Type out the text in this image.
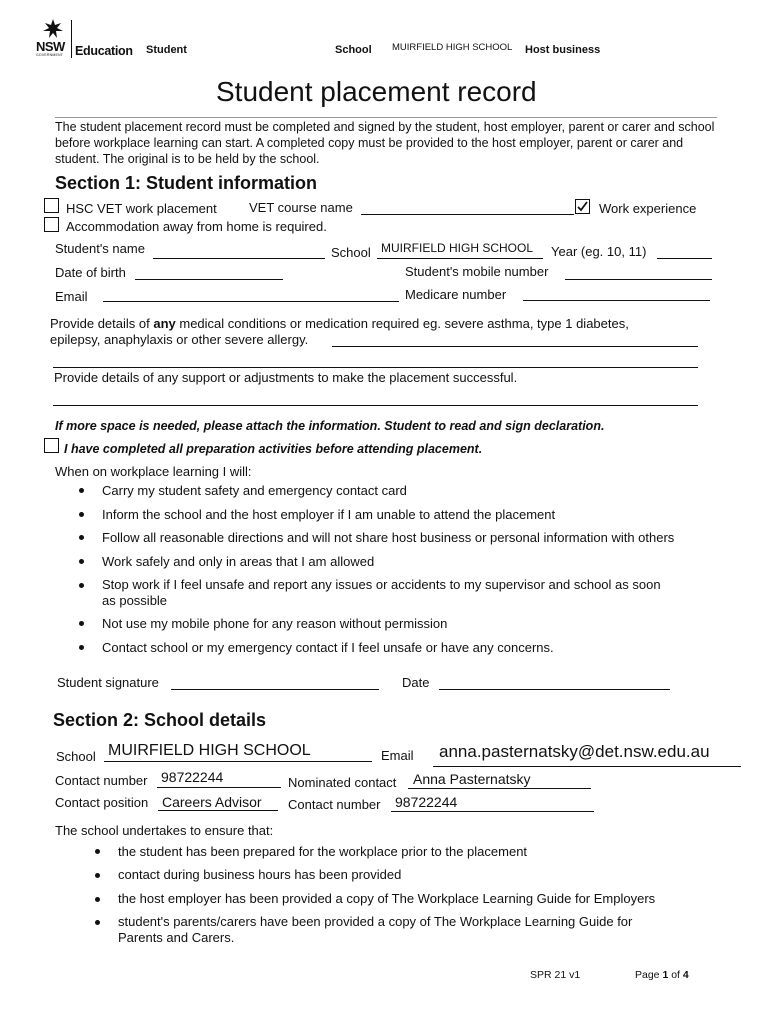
NSW
GOVERNMENT Education Student	School MUIRFIELD HIGH SCHOOL Host business
Student placement record
The student placement record must be completed and signed by the student, host employer, parent or carer and school before workplace learning can start. A completed copy must be provided to the host employer, parent or carer and student. The original is to be held by the school.
Section 1: Student information
HSC VET work placement VET course name	Work experience
Accommodation away from home is required.
Student's name	School MUIRFIELD HIGH SCHOOL Year (eg. 10, 11)
Date of birth	Student's mobile number
Email	Medicare number
Provide details of any medical conditions or medication required eg. severe asthma, type 1 diabetes,
epilepsy, anaphylaxis or other severe allergy.
Provide details of any support or adjustments to make the placement successful.
If more space is needed, please attach the information. Student to read and sign declaration.
I have completed all preparation activities before attending placement.
When on workplace learning I will:
Carry my student safety and emergency contact card
Inform the school and the host employer if I am unable to attend the placement
Follow all reasonable directions and will not share host business or personal information with others
Work safely and only in areas that I am allowed
Stop work if I feel unsafe and report any issues or accidents to my supervisor and school as soon
as possible
Not use my mobile phone for any reason without permission
Contact school or my emergency contact if I feel unsafe or have any concerns.
Student signature	Date
Section 2: School details
School MUIRFIELD HIGH SCHOOL	Email anna.pasternatsky@det.nsw.edu.au
Contact number 98722244	Nominated contact Anna Pasternatsky
Contact position Careers Advisor Contact number 98722244
The school undertakes to ensure that:
the student has been prepared for the workplace prior to the placement
contact during business hours has been provided
the host employer has been provided a copy of The Workplace Learning Guide for Employers
student's parents/carers have been provided a copy of The Workplace Learning Guide for
Parents and Carers.
SPR 21 v1	Page 1 of 4
